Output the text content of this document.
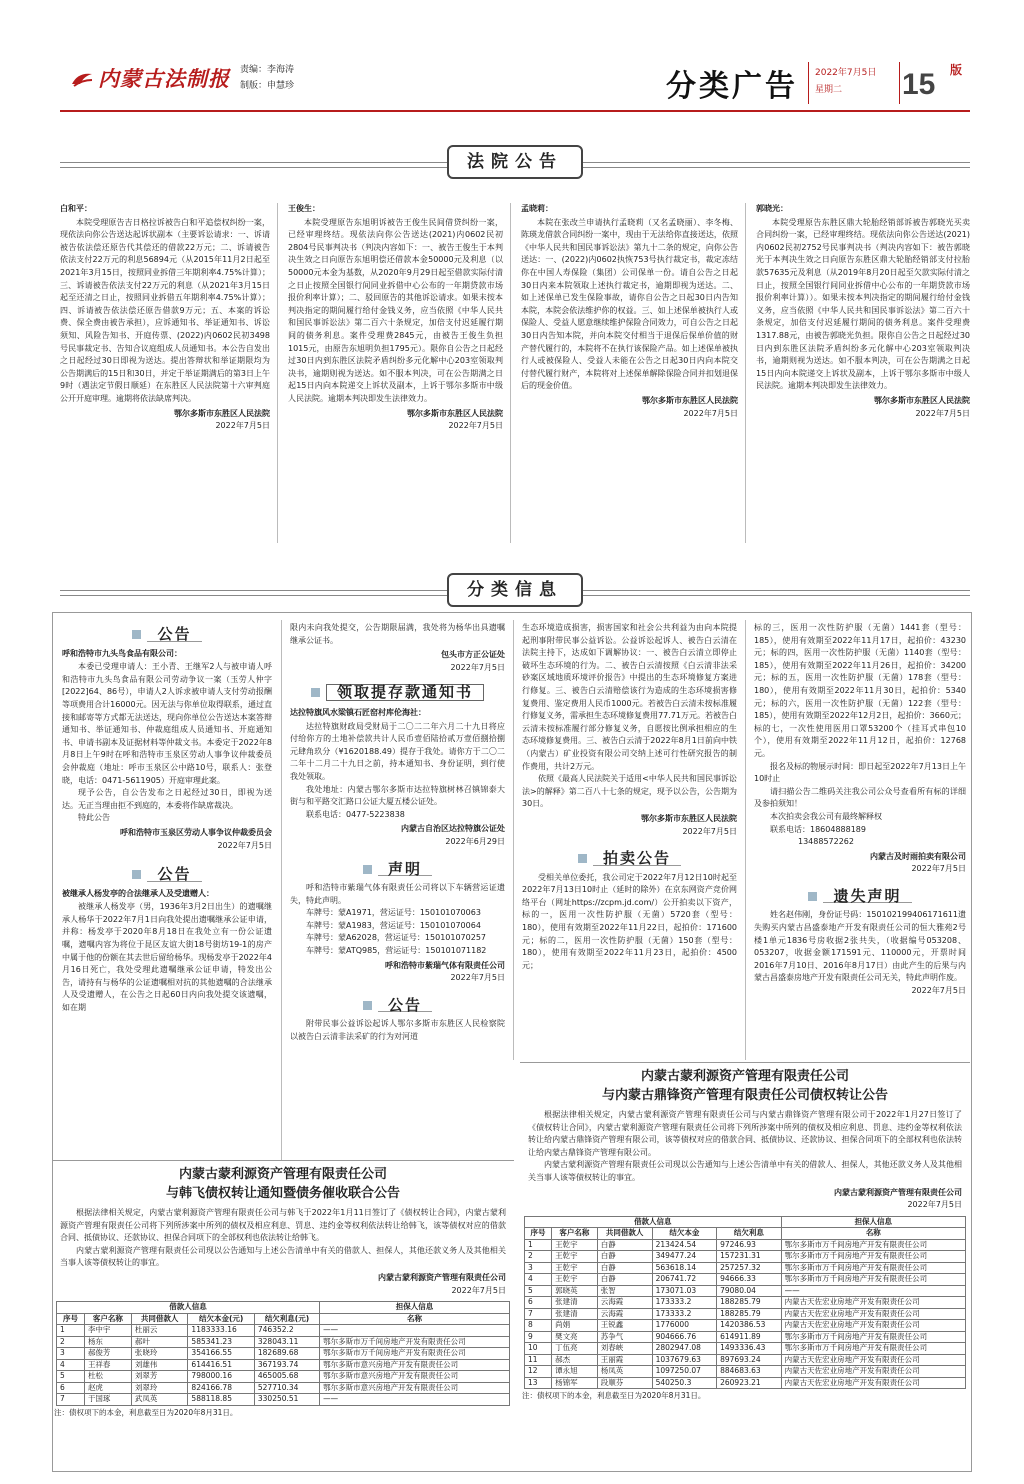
内蒙古法制报 责编：李海涛
制版：申慧珍	分类广告 2022年7月5日
星期二	15 版
法院公告
白和平：

本院受理原告吉日格拉诉被告白和平追偿权纠纷一案，现依法向你公告送达起诉状副本（主要诉讼请求：一、诉请被告依法偿还原告代其偿还的借款22万元；二、诉请被告依法支付22万元的利息56894元（从2015年11月2日起至2021年3月15日，按照同业拆借三年期利率4.75%计算）；三、诉请被告依法支付22万元的利息（从2021年3月15日起至还清之日止，按照同业拆借五年期利率4.75%计算）；四、诉请被告依法偿还原告借款9万元；五、本案的诉讼费、保全费由被告承担），应诉通知书、举证通知书、诉讼须知、风险告知书、开庭传票、(2022)内0602民初3498号民事裁定书、告知合议庭组成人员通知书。本公告自发出之日起经过30日即视为送达。提出答辩状和举证期限均为公告期满后的15日和30日，并定于举证期满后的第3日上午9时（遇法定节假日顺延）在东胜区人民法院第十六审判庭公开开庭审理。逾期将依法缺席判决。

鄂尔多斯市东胜区人民法院
2022年7月5日
王俊生：

本院受理原告东旭明诉被告王俊生民间借贷纠纷一案，已经审理终结。现依法向你公告送达(2021)内0602民初2804号民事判决书（判决内容如下：一、被告王俊生于本判决生效之日向原告东旭明偿还借款本金50000元及利息（以50000元本金为基数，从2020年9月29日起至借款实际付清之日止按照全国银行间同业拆借中心公布的一年期贷款市场报价利率计算）；二、驳回原告的其他诉讼请求。如果未按本判决指定的期间履行给付金钱义务，应当依照《中华人民共和国民事诉讼法》第二百六十条规定，加倍支付迟延履行期间的债务利息。案件受理费2845元，由被告王俊生负担1015元，由原告东旭明负担1795元）。限你自公告之日起经过30日内到东胜区法院矛盾纠纷多元化解中心203室领取判决书，逾期则视为送达。如不服本判决，可在公告期满之日起15日内向本院递交上诉状及副本，上诉于鄂尔多斯市中级人民法院。逾期本判决即发生法律效力。

鄂尔多斯市东胜区人民法院
2022年7月5日
孟晓莉：

本院在张改兰申请执行孟晓莉（又名孟晓丽）、李冬梅、陈瑛龙借款合同纠纷一案中，现由于无法给你直接送达，依照《中华人民共和国民事诉讼法》第九十二条的规定，向你公告送达：一、(2022)内0602执恢753号执行裁定书，裁定冻结你在中国人寿保险（集团）公司保单一份。请自公告之日起30日内来本院领取上述执行裁定书，逾期即视为送达。二、如上述保单已发生保险事故，请你自公告之日起30日内告知本院，本院会依法维护你的权益。三、如上述保单被执行人或保险人、受益人愿意继续维护保险合同效力，可自公告之日起30日内告知本院，并向本院交付相当于退保后保单价值的财产替代履行的，本院将不在执行该保险产品。如上述保单被执行人或被保险人、受益人未能在公告之日起30日内向本院交付替代履行财产，本院将对上述保单解除保险合同并扣划退保后的现金价值。

鄂尔多斯市东胜区人民法院
2022年7月5日
郭晓光：

本院受理原告东胜区鼎大轮胎经销部诉被告郭晓光买卖合同纠纷一案，已经审理终结。现依法向你公告送达(2021)内0602民初2752号民事判决书（判决内容如下：被告郭晓光于本判决生效之日向原告东胜区鼎大轮胎经销部支付拉胎款57635元及利息（从2019年8月20日起至欠款实际付清之日止，按照全国银行间同业拆借中心公布的一年期贷款市场报价利率计算））。如果未按本判决指定的期间履行给付金钱义务，应当依照《中华人民共和国民事诉讼法》第二百六十条规定，加倍支付迟延履行期间的债务利息。案件受理费1317.88元，由被告郭晓光负担。限你自公告之日起经过30日内到东胜区法院矛盾纠纷多元化解中心203室领取判决书，逾期则视为送达。如不服本判决，可在公告期满之日起15日内向本院递交上诉状及副本，上诉于鄂尔多斯市中级人民法院。逾期本判决即发生法律效力。

鄂尔多斯市东胜区人民法院
2022年7月5日
分类信息
公告
呼和浩特市九头鸟食品有限公司：

本委已受理申请人：王小青、王继军2人与被申请人呼和浩特市九头鸟食品有限公司劳动争议一案（玉劳人仲字[2022]64、86号），申请人2人诉求被申请人支付劳动报酬等项费用合计16000元。因无法与你单位取得联系，通过直接和邮寄等方式都无法送达，现向你单位公告送达本案答辩通知书、举证通知书、仲裁庭组成人员通知书、开庭通知书、申请书副本及证据材料等仲裁文书。本委定于2022年8月8日上午9时在呼和浩特市玉泉区劳动人事争议仲裁委员会仲裁庭（地址：呼市玉泉区公中路10号，联系人：张登晓，电话：0471-5611905）开庭审理此案。

现予公告，自公告发布之日起经过30日，即视为送达。无正当理由拒不到庭的，本委将作缺席裁决。

特此公告

呼和浩特市玉泉区劳动人事争议仲裁委员会
2022年7月5日
公告
被继承人杨发亭的合法继承人及受遗赠人：

被继承人杨发亭（男，1936年3月2日出生）的遗嘱继承人杨华于2022年7月1日向我处提出遗嘱继承公证申请，并称：杨发亭于2020年8月18日在我处立有一份公证遗嘱，遗嘱内容为将位于昆区友谊大街18号街坊19-1的房产中属于他的份额在其去世后留给杨华。现杨发亭于2022年4月16日死亡，我处受理此遗嘱继承公证申请，特发出公告，请持有与杨华的公证遗嘱相对抗的其他遗嘱的合法继承人及受遗赠人，在公告之日起60日内向我处提交该遗嘱，如在期

限内未向我处提交，公告期限届满，我处将为杨华出具遗嘱继承公证书。

包头市方正公证处
2022年7月5日
领取提存款通知书
达拉特旗风水梁镇石匠窑村库伦海社：

达拉特旗财政局受财局于二〇二二年六月二十九日将应付给你方的土地补偿款共计人民币壹佰陆拾贰万壹佰捌拾捌元肆角玖分（¥1620188.49）提存于我处。请你方于二〇二二年十二月二十九日之前，持本通知书、身份证明，到行使我处领取。

我处地址：内蒙古鄂尔多斯市达拉特旗树林召镇锦泰大街与和平路交汇路口公证大厦五楼公证处。

联系电话：0477-5223838

内蒙古自治区达拉特旗公证处
2022年6月29日
声明

呼和浩特市紫瑞气体有限责任公司将以下车辆营运证遗失，特此声明。

车牌号：蒙A1971，营运证号：150101070063
车牌号：蒙A1983，营运证号：150101070064
车牌号：蒙A62028，营运证号：150101070257
车牌号：蒙ATQ985，营运证号：150101071182
呼和浩特市紫瑞气体有限责任公司
2022年7月5日
公告

附带民事公益诉讼起诉人鄂尔多斯市东胜区人民检察院以被告白云清非法采矿的行为对河道

生态环境造成损害，损害国家和社会公共利益为由向本院提起刑事附带民事公益诉讼。公益诉讼起诉人、被告白云清在法院主持下，达成如下调解协议：一、被告白云清立即停止破坏生态环境的行为。二、被告白云清按照《白云清非法采砂案区域地质环境评价报告》中提出的生态环境修复方案进行修复。三、被告白云清赔偿该行为造成的生态环境损害修复费用、鉴定费用人民币1000元。若被告白云清未按标准履行修复义务，需承担生态环境修复费用77.71万元。若被告白云清未按标准履行部分修复义务，自愿按比例承担相应的生态环境修复费用。三、被告白云清于2022年8月1日前向中铁（内蒙古）矿业投资有限公司交纳上述可行性研究报告的制作费用，共计2万元。

依照《最高人民法院关于适用<中华人民共和国民事诉讼法>的解释》第二百八十七条的规定，现予以公告，公告期为30日。

鄂尔多斯市东胜区人民法院
2022年7月5日
拍卖公告

受相关单位委托，我公司定于2022年7月12日10时起至2022年7月13日10时止（延时的除外）在京东网资产竞价网络平台（网址https://zcpm.jd.com/）公开拍卖以下资产，标的一，医用一次性防护服（无菌）5720套（型号：180），使用有效期至2022年11月22日，起拍价：171600元；标的二，医用一次性防护服（无菌）150套（型号：180），使用有效期至2022年11月23日，起拍价：4500元；

标的三，医用一次性防护服（无菌）1441套（型号：185），使用有效期至2022年11月17日，起拍价：43230元；标的四，医用一次性防护服（无菌）1140套（型号：185），使用有效期至2022年11月26日，起拍价：34200元；标的五，医用一次性防护服（无菌）178套（型号：180），使用有效期至2022年11月30日，起拍价：5340元；标的六，医用一次性防护服（无菌）122套（型号：185），使用有效期至2022年12月2日，起拍价：3660元；标的七，一次性使用医用口罩53200个（挂耳式串包10个），使用有效期至2022年11月12日，起拍价：12768元。

报名及标的物展示时间：即日起至2022年7月13日上午10时止

请扫描公告二维码关注我公司公众号查看所有标的详细及参拍须知！

本次拍卖会我公司有最终解释权

联系电话：18604888189

13488572262

内蒙古及时雨拍卖有限公司
2022年7月5日
遗失声明

姓名赵伟刚，身份证号码：150102199406171611遗失购买内蒙古昌盛泰地产开发有限责任公司的恒大雅苑2号楼1单元1836号房收据2张共失，（收据编号053208、053207，收据金额171591元、110000元，开票时间2016年7月10日、2016年8月17日）由此产生的后果与内蒙古昌盛泰房地产开发有限责任公司无关，特此声明作废。

2022年7月5日
内蒙古蒙利源资产管理有限责任公司
与韩飞债权转让通知暨债务催收联合公告

根据法律相关规定，内蒙古蒙利源资产管理有限责任公司与韩飞于2022年1月11日签订了《债权转让合同》，内蒙古蒙利源资产管理有限责任公司将下列所涉案中所列的债权及相应利息、罚息、违约金等权利依法转让给韩飞，该等债权对应的借款合同、抵债协议、还款协议、担保合同项下的全部权利也依法转让给韩飞。

内蒙古蒙利源资产管理有限责任公司现以公告通知与上述公告清单中有关的借款人、担保人，其他还款义务人及其他相关当事人该等债权转让的事宜。

内蒙古蒙利源资产管理有限责任公司
2022年7月5日
借款人信息					担保人信息
序号	客户名称	共同借款人	结欠本金(元)	结欠利息(元)	名称
1	李中宇	杜丽云	1183333.16	746352.2	——
2	杨东	郝叶	585341.23	328043.11	鄂尔多斯市万千间房地产开发有限责任公司
3	郝俊芳	张晓玲	354166.55	182689.68	鄂尔多斯市万千间房地产开发有限责任公司
4	王祥春	刘雄伟	614416.51	367193.74	鄂尔多斯市意兴房地产开发有限责任公司
5	杜松	刘翠芳	798000.16	465005.68	鄂尔多斯市意兴房地产开发有限责任公司
6	赵虎	刘翠玲	824166.78	527710.34	鄂尔多斯市意兴房地产开发有限责任公司
7	于国琢	武凤英	588118.85	330250.51	——
注：债权项下的本金，利息截至日为2020年8月31日。
内蒙古蒙利源资产管理有限责任公司
与内蒙古鼎锋资产管理有限责任公司债权转让公告

根据法律相关规定，内蒙古蒙利源资产管理有限责任公司与内蒙古鼎锋资产管理有限公司于2022年1月27日签订了《债权转让合同》，内蒙古蒙利源资产管理有限责任公司将下列所涉案中所列的债权及相应利息、罚息、违约金等权利依法转让给内蒙古鼎锋资产管理有限公司，该等债权对应的借款合同、抵债协议、还款协议、担保合同项下的全部权利也依法转让给内蒙古鼎锋资产管理有限公司。

内蒙古蒙利源资产管理有限责任公司现以公告通知与上述公告清单中有关的借款人、担保人，其他还款义务人及其他相关当事人该等债权转让的事宜。

内蒙古蒙利源资产管理有限责任公司
2022年7月5日
借款人信息					担保人信息
序号	客户名称	共同借款人	结欠本金	结欠利息	名称
1	王乾宇	白静	213424.54	97246.93	鄂尔多斯市万千间房地产开发有限责任公司
2	王乾宇	白静	349477.24	157231.31	鄂尔多斯市万千间房地产开发有限责任公司
3	王乾宇	白静	563618.14	257257.32	鄂尔多斯市万千间房地产开发有限责任公司
4	王乾宇	白静	206741.72	94666.33	鄂尔多斯市万千间房地产开发有限责任公司
5	郭晓英	张智	173071.03	79080.04	——
6	张建清	云海霞	173333.2	188285.79	内蒙古天佐宏业房地产开发有限责任公司
7	张建清	云海霞	173333.2	188285.79	内蒙古天佐宏业房地产开发有限责任公司
8	尚娟	王锐鑫	1776000	1420386.53	内蒙古天佐宏业房地产开发有限责任公司
9	樊文亮	苏争气	904666.76	614911.89	鄂尔多斯市万千间房地产开发有限责任公司
10	丁伍亮	刘春峡	2802947.08	1493336.43	鄂尔多斯市万千间房地产开发有限责任公司
11	郝杰	王丽霞	1037679.63	897693.24	内蒙古天佐宏业房地产开发有限责任公司
12	谭永旭	杨凤英	1097250.07	884683.63	内蒙古天佐宏业房地产开发有限责任公司
13	杨锦军	段顺芬	540250.3	260923.21	内蒙古天佐宏业房地产开发有限责任公司
注：债权项下的本金，利息截至日为2020年8月31日。
